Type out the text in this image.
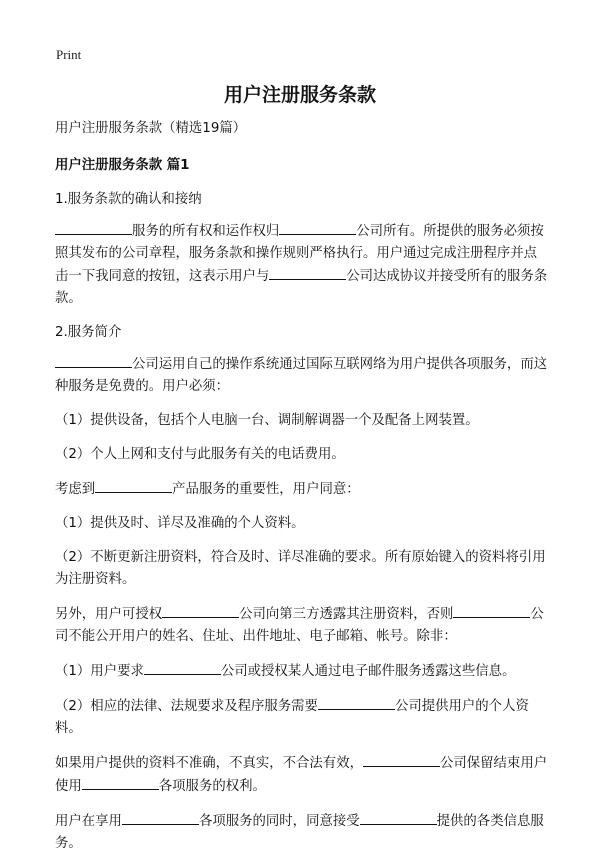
Print
用户注册服务条款

用户注册服务条款（精选19篇）

用户注册服务条款 篇1

1.服务条款的确认和接纳

服务的所有权和运作权归	公司所有。所提供的服务必须按照其发布的公司章程，服务条款和操作规则严格执行。用户通过完成注册程序并点击一下我同意的按钮，这表示用户与	公司达成协议并接受所有的服务条款。

2.服务简介

公司运用自己的操作系统通过国际互联网络为用户提供各项服务，而这种服务是免费的。用户必须：

（1）提供设备，包括个人电脑一台、调制解调器一个及配备上网装置。

（2）个人上网和支付与此服务有关的电话费用。

考虑到	产品服务的重要性，用户同意：

（1）提供及时、详尽及准确的个人资料。

（2）不断更新注册资料，符合及时、详尽准确的要求。所有原始键入的资料将引用为注册资料。

另外，用户可授权	公司向第三方透露其注册资料，否则	公司不能公开用户的姓名、住址、出件地址、电子邮箱、帐号。除非：

（1）用户要求	公司或授权某人通过电子邮件服务透露这些信息。

（2）相应的法律、法规要求及程序服务需要	公司提供用户的个人资料。

如果用户提供的资料不准确，不真实，不合法有效，	公司保留结束用户使用	各项服务的权利。

用户在享用	各项服务的同时，同意接受	提供的各类信息服务。
